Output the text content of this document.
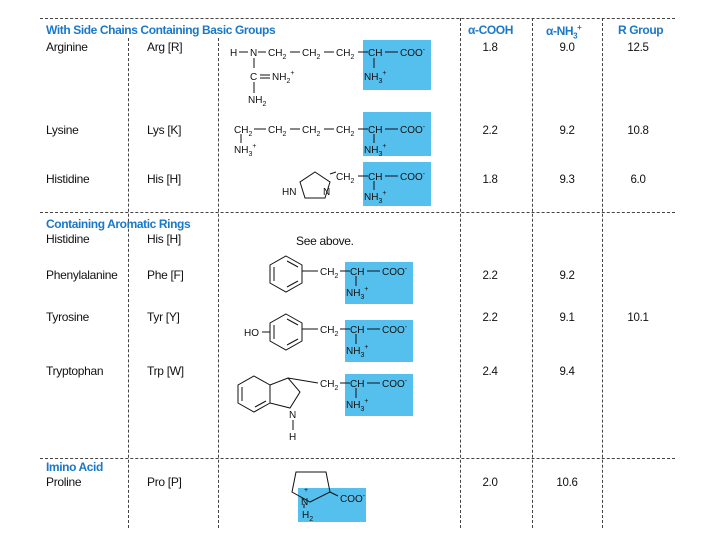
With Side Chains Containing Basic Groups	α-COOH	$\alpha-NH_3^+$	R Group
Arginine	Arg [R]	1.8	9.0	12.5
Lysine	Lys [K]	2.2	9.2	10.8
Histidine	His [H]	1.8	9.3	6.0
Containing Aromatic Rings
Histidine	His [H]	See above.
Phenylalanine Phe [F]	2.2	9.2
Tyrosine	Tyr [Y]	2.2	9.1	10.1
Tryptophan	Trp [W]	2.4	9.4
Imino Acid
Proline	Pro [P]	2.0	10.6
H N $CH_2$ $CH_2$ $CH_2$ CH COO-
C $NH_2^+$	$NH_3^+$
$NH_2$
$CH_2$ $CH_2$ $CH_2$ $CH_2$ CH COO-
$NH_3^+$	$NH_3^+$
$CH_2$ CH COO-
$NH_3^+$
HN	N
$CH_2$ CH COO-
$NH_3^+$
HO	$CH_2$ CH COO-
$NH_3^+$
$CH_2$ CH COO-
$NH_3^+$
N
H
+
N
$H_2$
COO-
